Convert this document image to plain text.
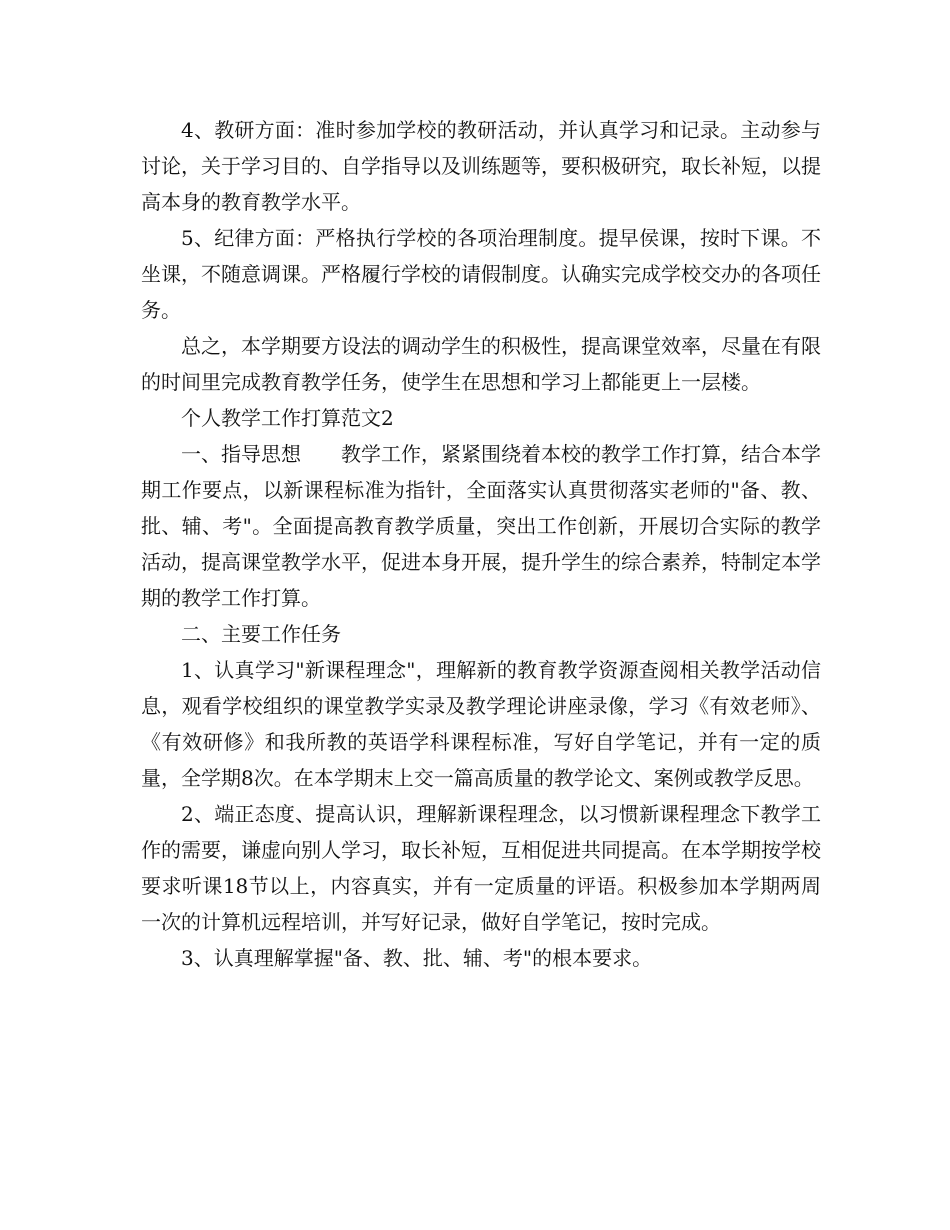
4、教研方面：准时参加学校的教研活动，并认真学习和记录。主动参与讨论，关于学习目的、自学指导以及训练题等，要积极研究，取长补短，以提高本身的教育教学水平。

5、纪律方面：严格执行学校的各项治理制度。提早侯课，按时下课。不坐课，不随意调课。严格履行学校的请假制度。认确实完成学校交办的各项任务。

总之，本学期要方设法的调动学生的积极性，提高课堂效率，尽量在有限的时间里完成教育教学任务，使学生在思想和学习上都能更上一层楼。

个人教学工作打算范文2

一、指导思想　　教学工作，紧紧围绕着本校的教学工作打算，结合本学期工作要点，以新课程标准为指针，全面落实认真贯彻落实老师的"备、教、批、辅、考"。全面提高教育教学质量，突出工作创新，开展切合实际的教学活动，提高课堂教学水平，促进本身开展，提升学生的综合素养，特制定本学期的教学工作打算。

二、主要工作任务

1、认真学习"新课程理念"，理解新的教育教学资源查阅相关教学活动信息，观看学校组织的课堂教学实录及教学理论讲座录像，学习《有效老师》、《有效研修》和我所教的英语学科课程标准，写好自学笔记，并有一定的质量，全学期8次。在本学期末上交一篇高质量的教学论文、案例或教学反思。

2、端正态度、提高认识，理解新课程理念，以习惯新课程理念下教学工作的需要，谦虚向别人学习，取长补短，互相促进共同提高。在本学期按学校要求听课18节以上，内容真实，并有一定质量的评语。积极参加本学期两周一次的计算机远程培训，并写好记录，做好自学笔记，按时完成。

3、认真理解掌握"备、教、批、辅、考"的根本要求。
